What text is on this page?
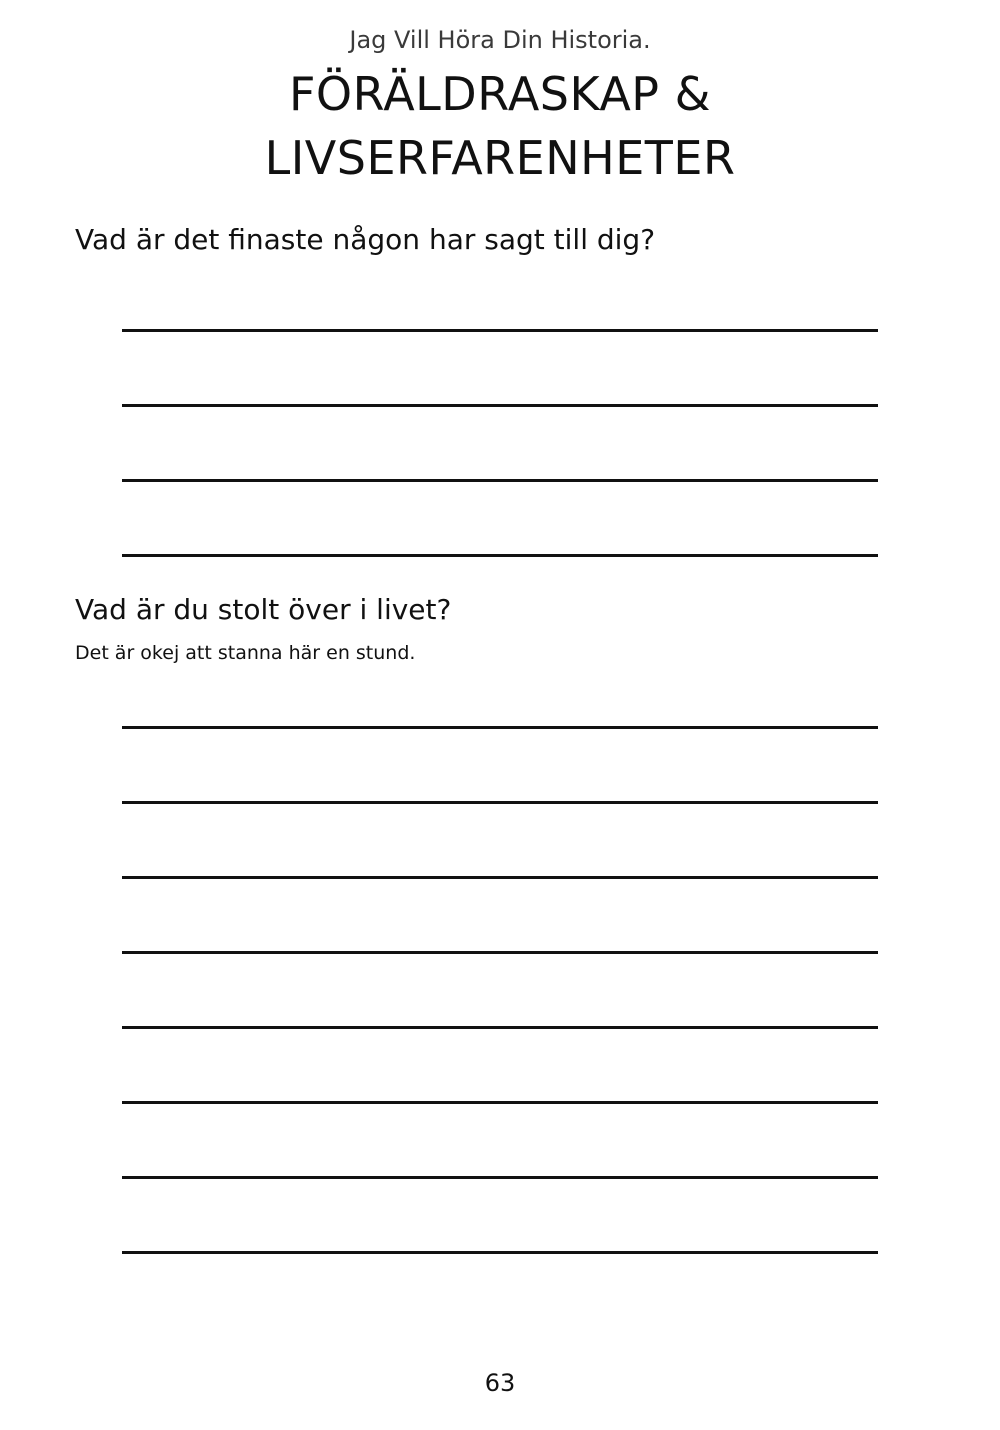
Jag Vill Höra Din Historia.
FÖRÄLDRASKAP &
LIVSERFARENHETER
Vad är det finaste någon har sagt till dig?
Vad är du stolt över i livet?
Det är okej att stanna här en stund.
63
